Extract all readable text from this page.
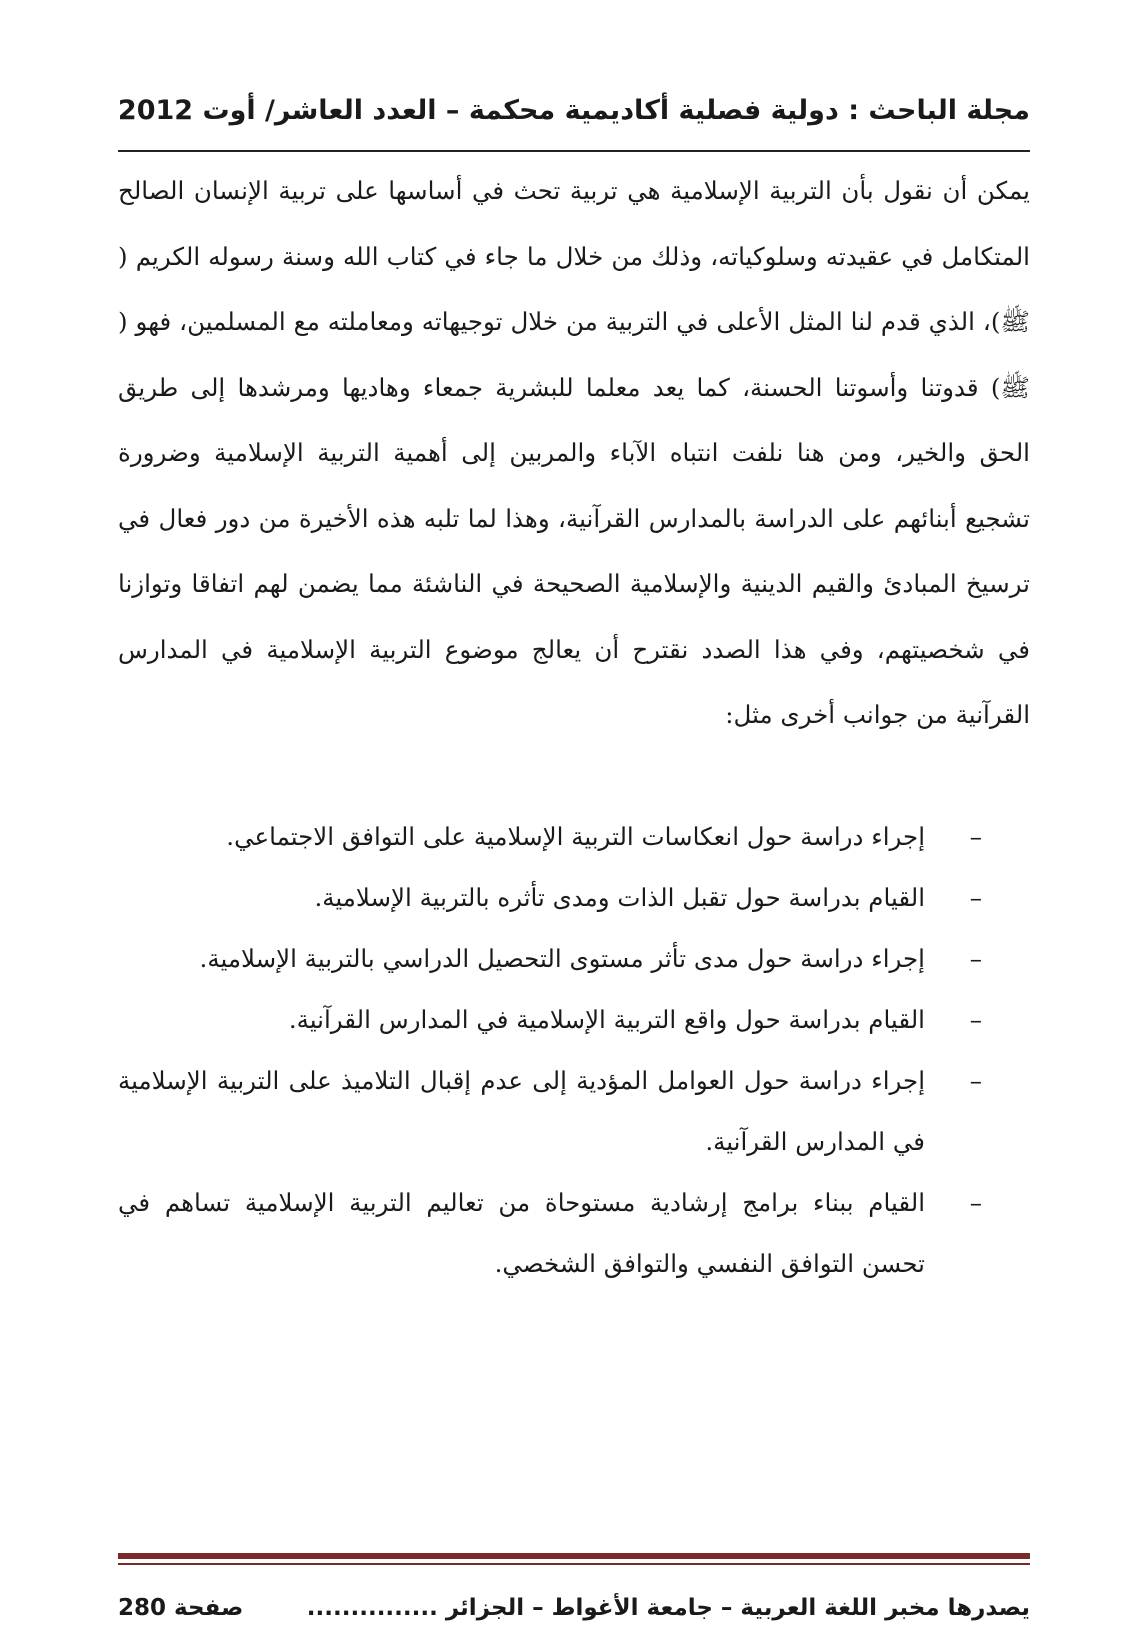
مجلة الباحث : دولية فصلية أكاديمية محكمة – العدد العاشر/ أوت 2012

يمكن أن نقول بأن التربية الإسلامية هي تربية تحث في أساسها على تربية الإنسان الصالح المتكامل في عقيدته وسلوكياته، وذلك من خلال ما جاء في كتاب الله وسنة رسوله الكريم ( ﷺ)، الذي قدم لنا المثل الأعلى في التربية من خلال توجيهاته ومعاملته مع المسلمين، فهو ( ﷺ) قدوتنا وأسوتنا الحسنة، كما يعد معلما للبشرية جمعاء وهاديها ومرشدها إلى طريق الحق والخير، ومن هنا نلفت انتباه الآباء والمربين إلى أهمية التربية الإسلامية وضرورة تشجيع أبنائهم على الدراسة بالمدارس القرآنية، وهذا لما تلبه هذه الأخيرة من دور فعال في ترسيخ المبادئ والقيم الدينية والإسلامية الصحيحة في الناشئة مما يضمن لهم اتفاقا وتوازنا في شخصيتهم، وفي هذا الصدد نقترح أن يعالج موضوع التربية الإسلامية في المدارس القرآنية من جوانب أخرى مثل:

–
إجراء دراسة حول انعكاسات التربية الإسلامية على التوافق الاجتماعي.
–
القيام بدراسة حول تقبل الذات ومدى تأثره بالتربية الإسلامية.
–
إجراء دراسة حول مدى تأثر مستوى التحصيل الدراسي بالتربية الإسلامية.
–
القيام بدراسة حول واقع التربية الإسلامية في المدارس القرآنية.
–
إجراء دراسة حول العوامل المؤدية إلى عدم إقبال التلاميذ على التربية الإسلامية في المدارس القرآنية.
–
القيام ببناء برامج إرشادية مستوحاة من تعاليم التربية الإسلامية تساهم في تحسن التوافق النفسي والتوافق الشخصي.
يصدرها مخبر اللغة العربية – جامعة الأغواط – الجزائر ...............
صفحة 280
